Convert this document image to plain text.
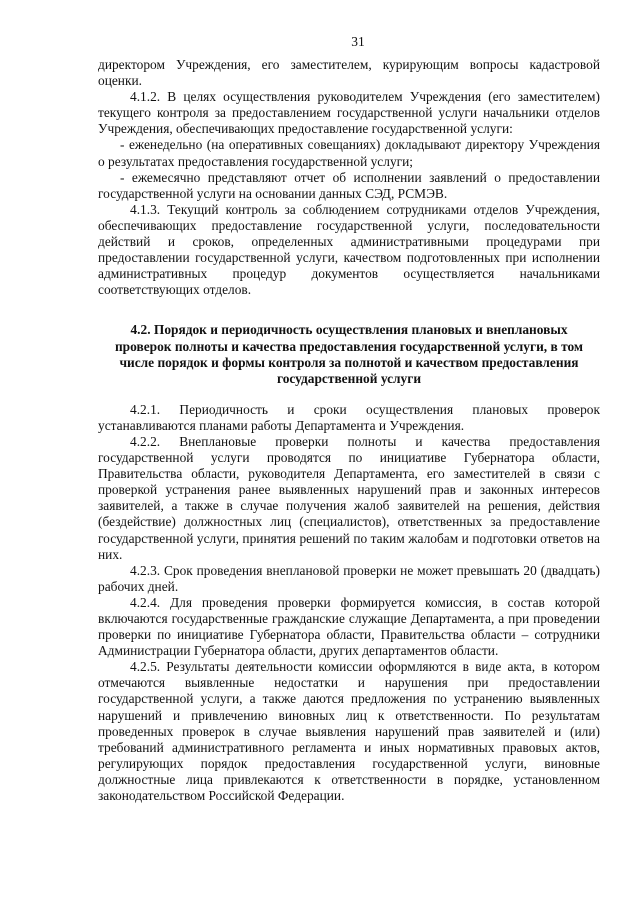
31

директором Учреждения, его заместителем, курирующим вопросы кадастровой оценки.

4.1.2. В целях осуществления руководителем Учреждения (его заместителем) текущего контроля за предоставлением государственной услуги начальники отделов Учреждения, обеспечивающих предоставление государственной услуги:

- еженедельно (на оперативных совещаниях) докладывают директору Учреждения о результатах предоставления государственной услуги;

- ежемесячно представляют отчет об исполнении заявлений о предоставлении государственной услуги на основании данных СЭД, РСМЭВ.

4.1.3. Текущий контроль за соблюдением сотрудниками отделов Учреждения, обеспечивающих предоставление государственной услуги, последовательности действий и сроков, определенных административными процедурами при предоставлении государственной услуги, качеством подготовленных при исполнении административных процедур документов осуществляется начальниками соответствующих отделов.

4.2. Порядок и периодичность осуществления плановых и внеплановых проверок полноты и качества предоставления государственной услуги, в том числе порядок и формы контроля за полнотой и качеством предоставления государственной услуги

4.2.1. Периодичность и сроки осуществления плановых проверок устанавливаются планами работы Департамента и Учреждения.

4.2.2. Внеплановые проверки полноты и качества предоставления государственной услуги проводятся по инициативе Губернатора области, Правительства области, руководителя Департамента, его заместителей в связи с проверкой устранения ранее выявленных нарушений прав и законных интересов заявителей, а также в случае получения жалоб заявителей на решения, действия (бездействие) должностных лиц (специалистов), ответственных за предоставление государственной услуги, принятия решений по таким жалобам и подготовки ответов на них.

4.2.3. Срок проведения внеплановой проверки не может превышать 20 (двадцать) рабочих дней.

4.2.4. Для проведения проверки формируется комиссия, в состав которой включаются государственные гражданские служащие Департамента, а при проведении проверки по инициативе Губернатора области, Правительства области – сотрудники Администрации Губернатора области, других департаментов области.

4.2.5. Результаты деятельности комиссии оформляются в виде акта, в котором отмечаются выявленные недостатки и нарушения при предоставлении государственной услуги, а также даются предложения по устранению выявленных нарушений и привлечению виновных лиц к ответственности. По результатам проведенных проверок в случае выявления нарушений прав заявителей и (или) требований административного регламента и иных нормативных правовых актов, регулирующих порядок предоставления государственной услуги, виновные должностные лица привлекаются к ответственности в порядке, установленном законодательством Российской Федерации.
